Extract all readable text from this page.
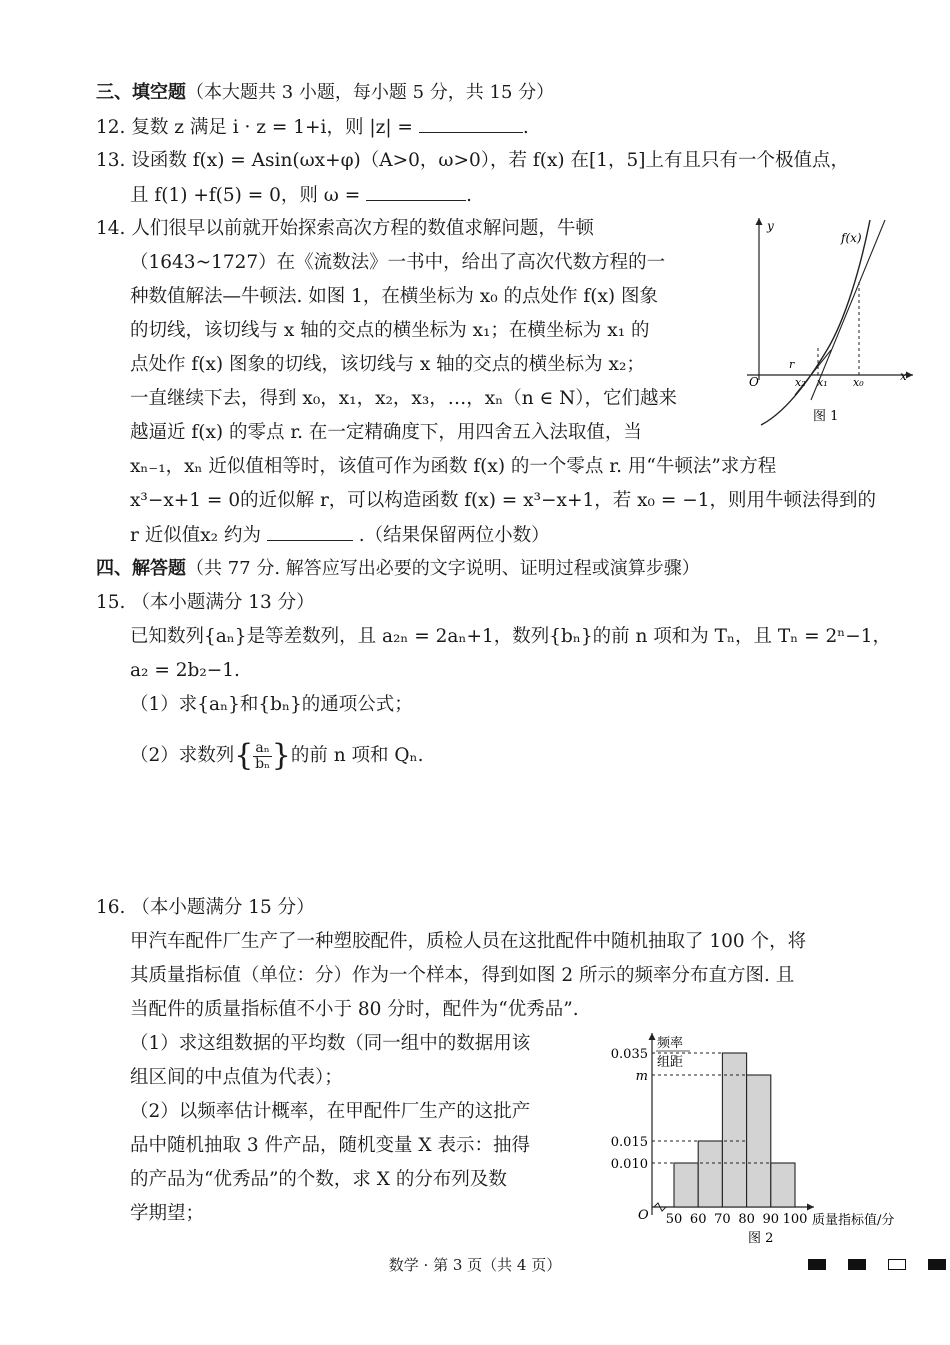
三、填空题（本大题共 3 小题，每小题 5 分，共 15 分）
12. 复数 z 满足 i · z = 1+i，则 |z| =	.
13. 设函数 f(x) = Asin(ωx+φ)（A>0，ω>0），若 f(x) 在[1，5]上有且只有一个极值点，
且 f(1) +f(5) = 0，则 ω =	.
14. 人们很早以前就开始探索高次方程的数值求解问题，牛顿
（1643~1727）在《流数法》一书中，给出了高次代数方程的一
种数值解法—牛顿法. 如图 1，在横坐标为 x₀ 的点处作 f(x) 图象
的切线，该切线与 x 轴的交点的横坐标为 x₁；在横坐标为 x₁ 的
点处作 f(x) 图象的切线，该切线与 x 轴的交点的横坐标为 x₂；
一直继续下去，得到 x₀，x₁，x₂，x₃，…，xₙ（n ∈ N），它们越来
越逼近 f(x) 的零点 r. 在一定精确度下，用四舍五入法取值，当
xₙ₋₁，xₙ 近似值相等时，该值可作为函数 f(x) 的一个零点 r. 用“牛顿法”求方程
x³−x+1 = 0的近似解 r，可以构造函数 f(x) = x³−x+1，若 x₀ = −1，则用牛顿法得到的
r 近似值x₂ 约为	.（结果保留两位小数）
y
x
O
f(x)
r
x₀
x₁
x₂
图 1
四、解答题（共 77 分. 解答应写出必要的文字说明、证明过程或演算步骤）
15. （本小题满分 13 分）
已知数列{aₙ}是等差数列，且 a₂ₙ = 2aₙ+1，数列{bₙ}的前 n 项和为 Tₙ，且 Tₙ = 2ⁿ−1，
a₂ = 2b₂−1.
（1）求{aₙ}和{bₙ}的通项公式；
（2）求数列{ $\frac{\text{aₙ}}{\text{bₙ}}$ }的前 n 项和 Qₙ.
16. （本小题满分 15 分）
甲汽车配件厂生产了一种塑胶配件，质检人员在这批配件中随机抽取了 100 个，将
其质量指标值（单位：分）作为一个样本，得到如图 2 所示的频率分布直方图. 且
当配件的质量指标值不小于 80 分时，配件为“优秀品”.
（1）求这组数据的平均数（同一组中的数据用该
组区间的中点值为代表）；
（2）以频率估计概率，在甲配件厂生产的这批产
品中随机抽取 3 件产品，随机变量 X 表示：抽得
的产品为“优秀品”的个数，求 X 的分布列及数
学期望；
频率
组距
O	质量指标值/分
图 2
0.010
0.015
m
0.035
50 60 70 80 90 100
数学 · 第 3 页（共 4 页）
